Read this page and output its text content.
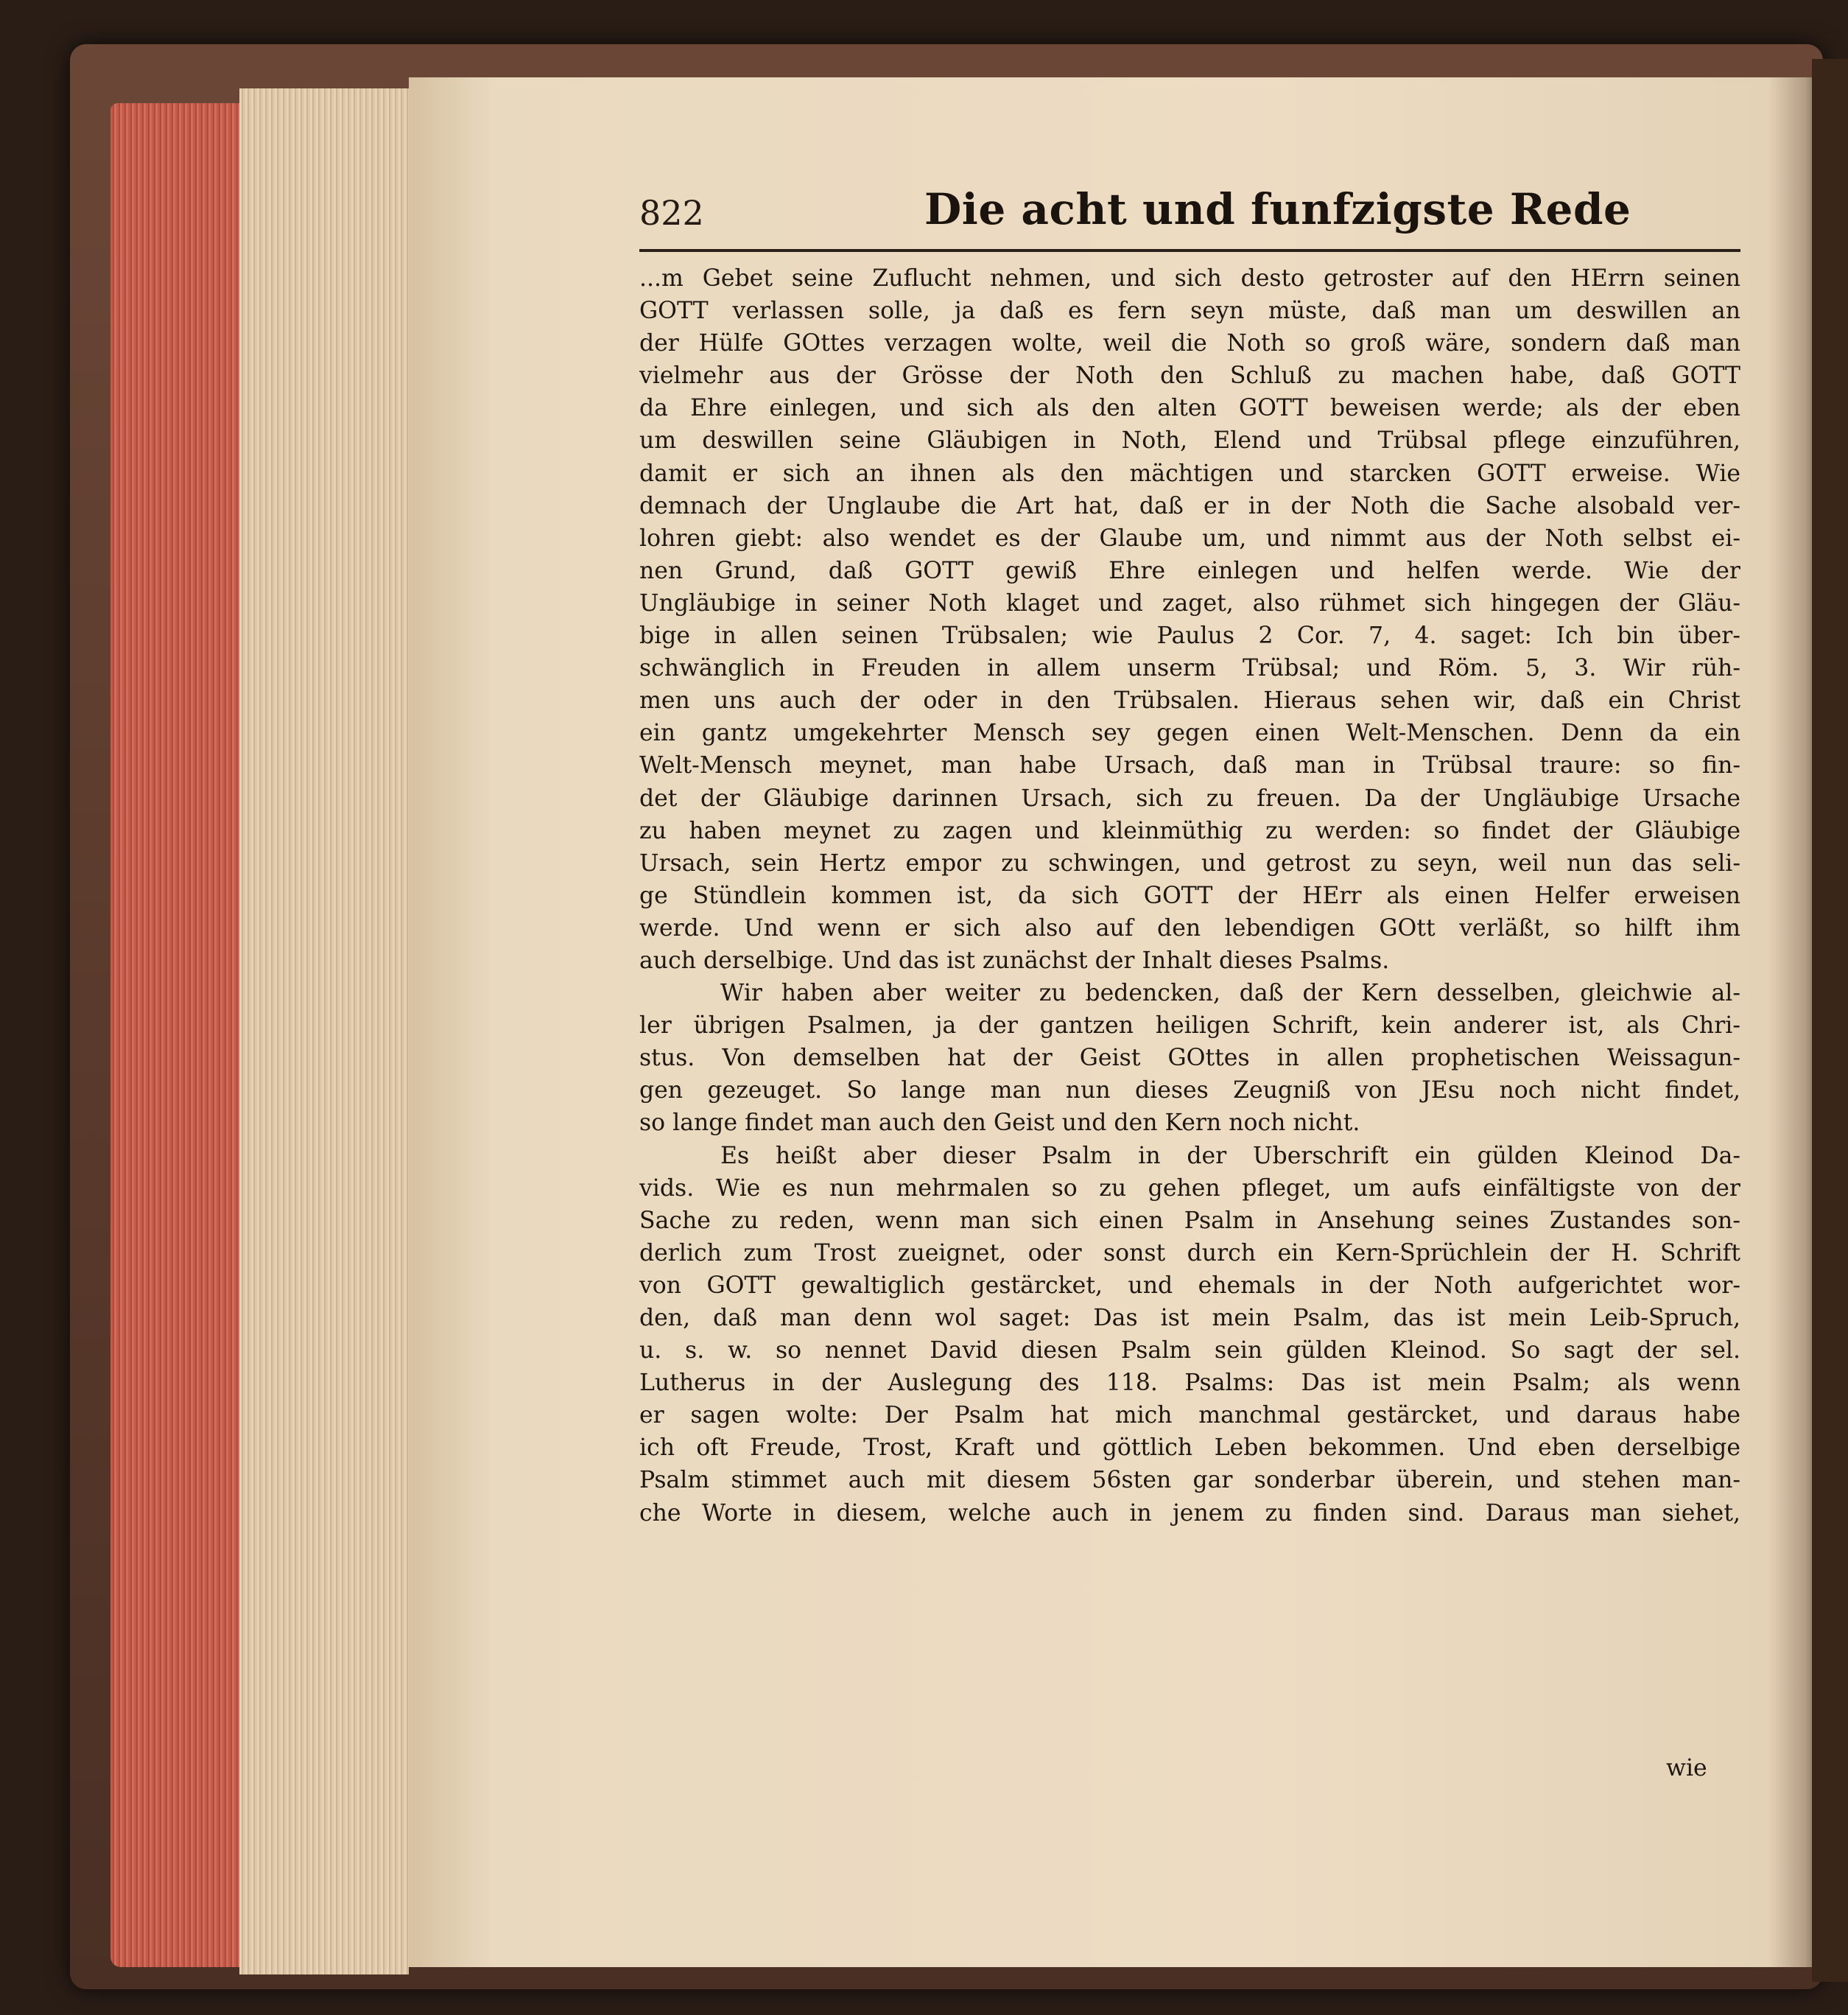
822	Die acht und funfzigste Rede
...m Gebet seine Zuflucht nehmen, und sich desto getroster auf den HErrn seinen
GOTT verlassen solle, ja daß es fern seyn müste, daß man um deswillen an
der Hülfe GOttes verzagen wolte, weil die Noth so groß wäre, sondern daß man
vielmehr aus der Grösse der Noth den Schluß zu machen habe, daß GOTT
da Ehre einlegen, und sich als den alten GOTT beweisen werde; als der eben
um deswillen seine Gläubigen in Noth, Elend und Trübsal pflege einzuführen,
damit er sich an ihnen als den mächtigen und starcken GOTT erweise. Wie
demnach der Unglaube die Art hat, daß er in der Noth die Sache alsobald ver-
lohren giebt: also wendet es der Glaube um, und nimmt aus der Noth selbst ei-
nen Grund, daß GOTT gewiß Ehre einlegen und helfen werde. Wie der
Ungläubige in seiner Noth klaget und zaget, also rühmet sich hingegen der Gläu-
bige in allen seinen Trübsalen; wie Paulus 2 Cor. 7, 4. saget: Ich bin über-
schwänglich in Freuden in allem unserm Trübsal; und Röm. 5, 3. Wir rüh-
men uns auch der oder in den Trübsalen. Hieraus sehen wir, daß ein Christ
ein gantz umgekehrter Mensch sey gegen einen Welt-Menschen. Denn da ein
Welt-Mensch meynet, man habe Ursach, daß man in Trübsal traure: so fin-
det der Gläubige darinnen Ursach, sich zu freuen. Da der Ungläubige Ursache
zu haben meynet zu zagen und kleinmüthig zu werden: so findet der Gläubige
Ursach, sein Hertz empor zu schwingen, und getrost zu seyn, weil nun das seli-
ge Stündlein kommen ist, da sich GOTT der HErr als einen Helfer erweisen
werde. Und wenn er sich also auf den lebendigen GOtt verläßt, so hilft ihm
auch derselbige. Und das ist zunächst der Inhalt dieses Psalms.
Wir haben aber weiter zu bedencken, daß der Kern desselben, gleichwie al-
ler übrigen Psalmen, ja der gantzen heiligen Schrift, kein anderer ist, als Chri-
stus. Von demselben hat der Geist GOttes in allen prophetischen Weissagun-
gen gezeuget. So lange man nun dieses Zeugniß von JEsu noch nicht findet,
so lange findet man auch den Geist und den Kern noch nicht.
Es heißt aber dieser Psalm in der Uberschrift ein gülden Kleinod Da-
vids. Wie es nun mehrmalen so zu gehen pfleget, um aufs einfältigste von der
Sache zu reden, wenn man sich einen Psalm in Ansehung seines Zustandes son-
derlich zum Trost zueignet, oder sonst durch ein Kern-Sprüchlein der H. Schrift
von GOTT gewaltiglich gestärcket, und ehemals in der Noth aufgerichtet wor-
den, daß man denn wol saget: Das ist mein Psalm, das ist mein Leib-Spruch,
u. s. w. so nennet David diesen Psalm sein gülden Kleinod. So sagt der sel.
Lutherus in der Auslegung des 118. Psalms: Das ist mein Psalm; als wenn
er sagen wolte: Der Psalm hat mich manchmal gestärcket, und daraus habe
ich oft Freude, Trost, Kraft und göttlich Leben bekommen. Und eben derselbige
Psalm stimmet auch mit diesem 56sten gar sonderbar überein, und stehen man-
che Worte in diesem, welche auch in jenem zu finden sind. Daraus man siehet,
wie
